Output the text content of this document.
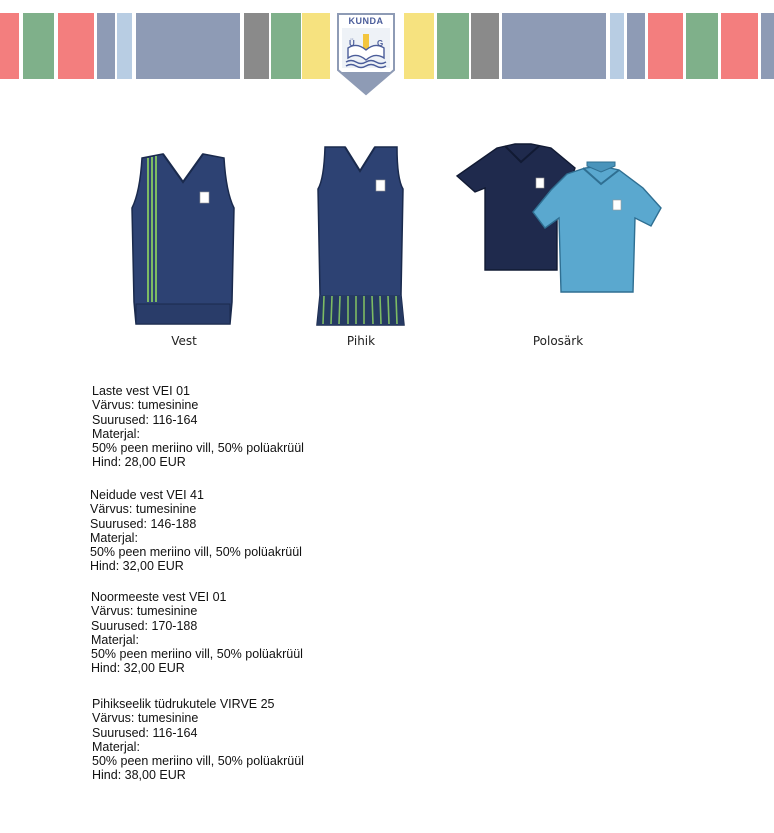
Ü	G
KUNDA
Vest	Pihik	Polosärk
Laste vest VEI 01
Värvus: tumesinine
Suurused: 116-164
Materjal:
50% peen meriino vill, 50% polüakrüül
Hind: 28,00 EUR
Neidude vest VEI 41
Värvus: tumesinine
Suurused: 146-188
Materjal:
50% peen meriino vill, 50% polüakrüül
Hind: 32,00 EUR
Noormeeste vest VEI 01
Värvus: tumesinine
Suurused: 170-188
Materjal:
50% peen meriino vill, 50% polüakrüül
Hind: 32,00 EUR
Pihikseelik tüdrukutele VIRVE 25
Värvus: tumesinine
Suurused: 116-164
Materjal:
50% peen meriino vill, 50% polüakrüül
Hind: 38,00 EUR
